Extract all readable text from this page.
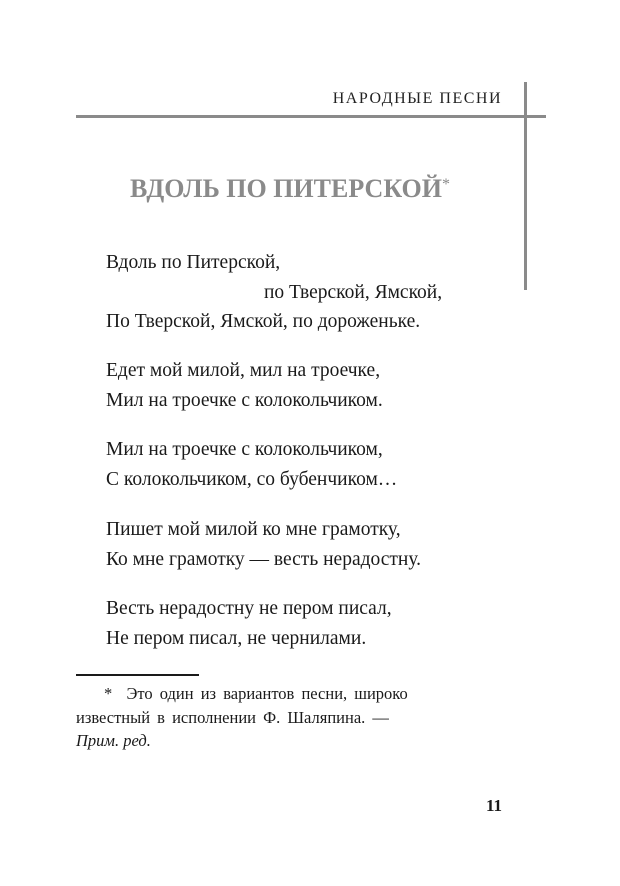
НАРОДНЫЕ ПЕСНИ
ВДОЛЬ ПО ПИТЕРСКОЙ*
Вдоль по Питерской,
по Тверской, Ямской,
По Тверской, Ямской, по дороженьке.
Едет мой милой, мил на троечке,
Мил на троечке с колокольчиком.
Мил на троечке с колокольчиком,
С колокольчиком, со бубенчиком…
Пишет мой милой ко мне грамотку,
Ко мне грамотку — весть нерадостну.
Весть нерадостну не пером писал,
Не пером писал, не чернилами.
* Это один из вариантов песни, широко
известный в исполнении Ф. Шаляпина. —
Прим. ред.
11
